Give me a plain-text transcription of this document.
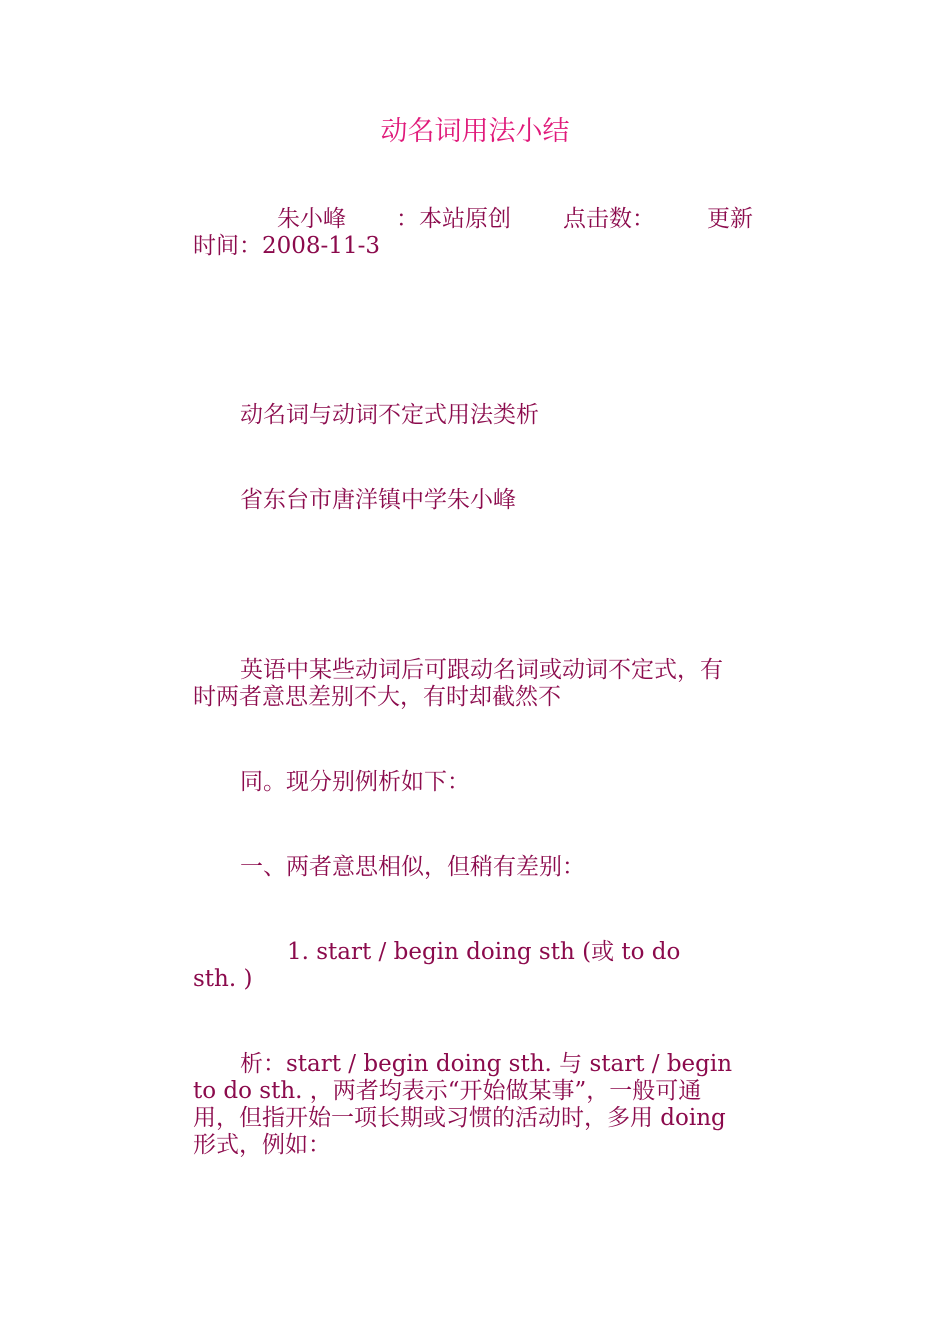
动名词用法小结
朱小峰 ：本站原创 点击数： 更新
时间：2008-11-3
动名词与动词不定式用法类析
省东台市唐洋镇中学朱小峰
英语中某些动词后可跟动名词或动词不定式，有
时两者意思差别不大，有时却截然不
同。现分别例析如下：
一、两者意思相似，但稍有差别：
1. start / begin doing sth (或 to do
sth. )
析：start / begin doing sth. 与 start / begin
to do sth. ，两者均表示“开始做某事”，一般可通
用，但指开始一项长期或习惯的活动时，多用 doing
形式，例如：
